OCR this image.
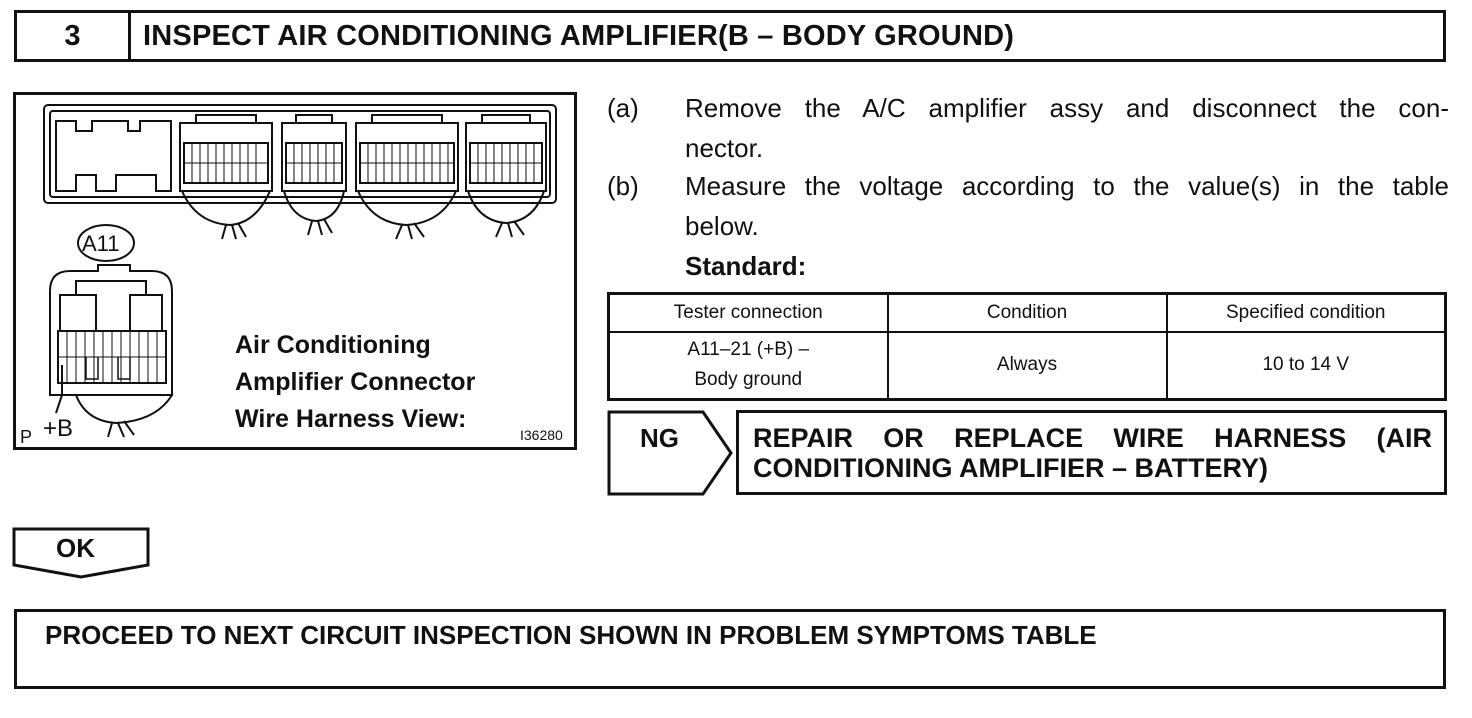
3	INSPECT AIR CONDITIONING AMPLIFIER(B – BODY GROUND)
A11
Air Conditioning
Amplifier Connector
Wire Harness View:
I36280
P +B
(a) Remove the A/C amplifier assy and disconnect the con-
nector.
(b) Measure the voltage according to the value(s) in the table
below.
Standard:
Tester connection	Condition	Specified condition

A11–21 (+B) –
Body ground	Always	10 to 14 V
NG	REPAIR OR REPLACE WIRE HARNESS (AIR
CONDITIONING AMPLIFIER – BATTERY)
OK
PROCEED TO NEXT CIRCUIT INSPECTION SHOWN IN PROBLEM SYMPTOMS TABLE
